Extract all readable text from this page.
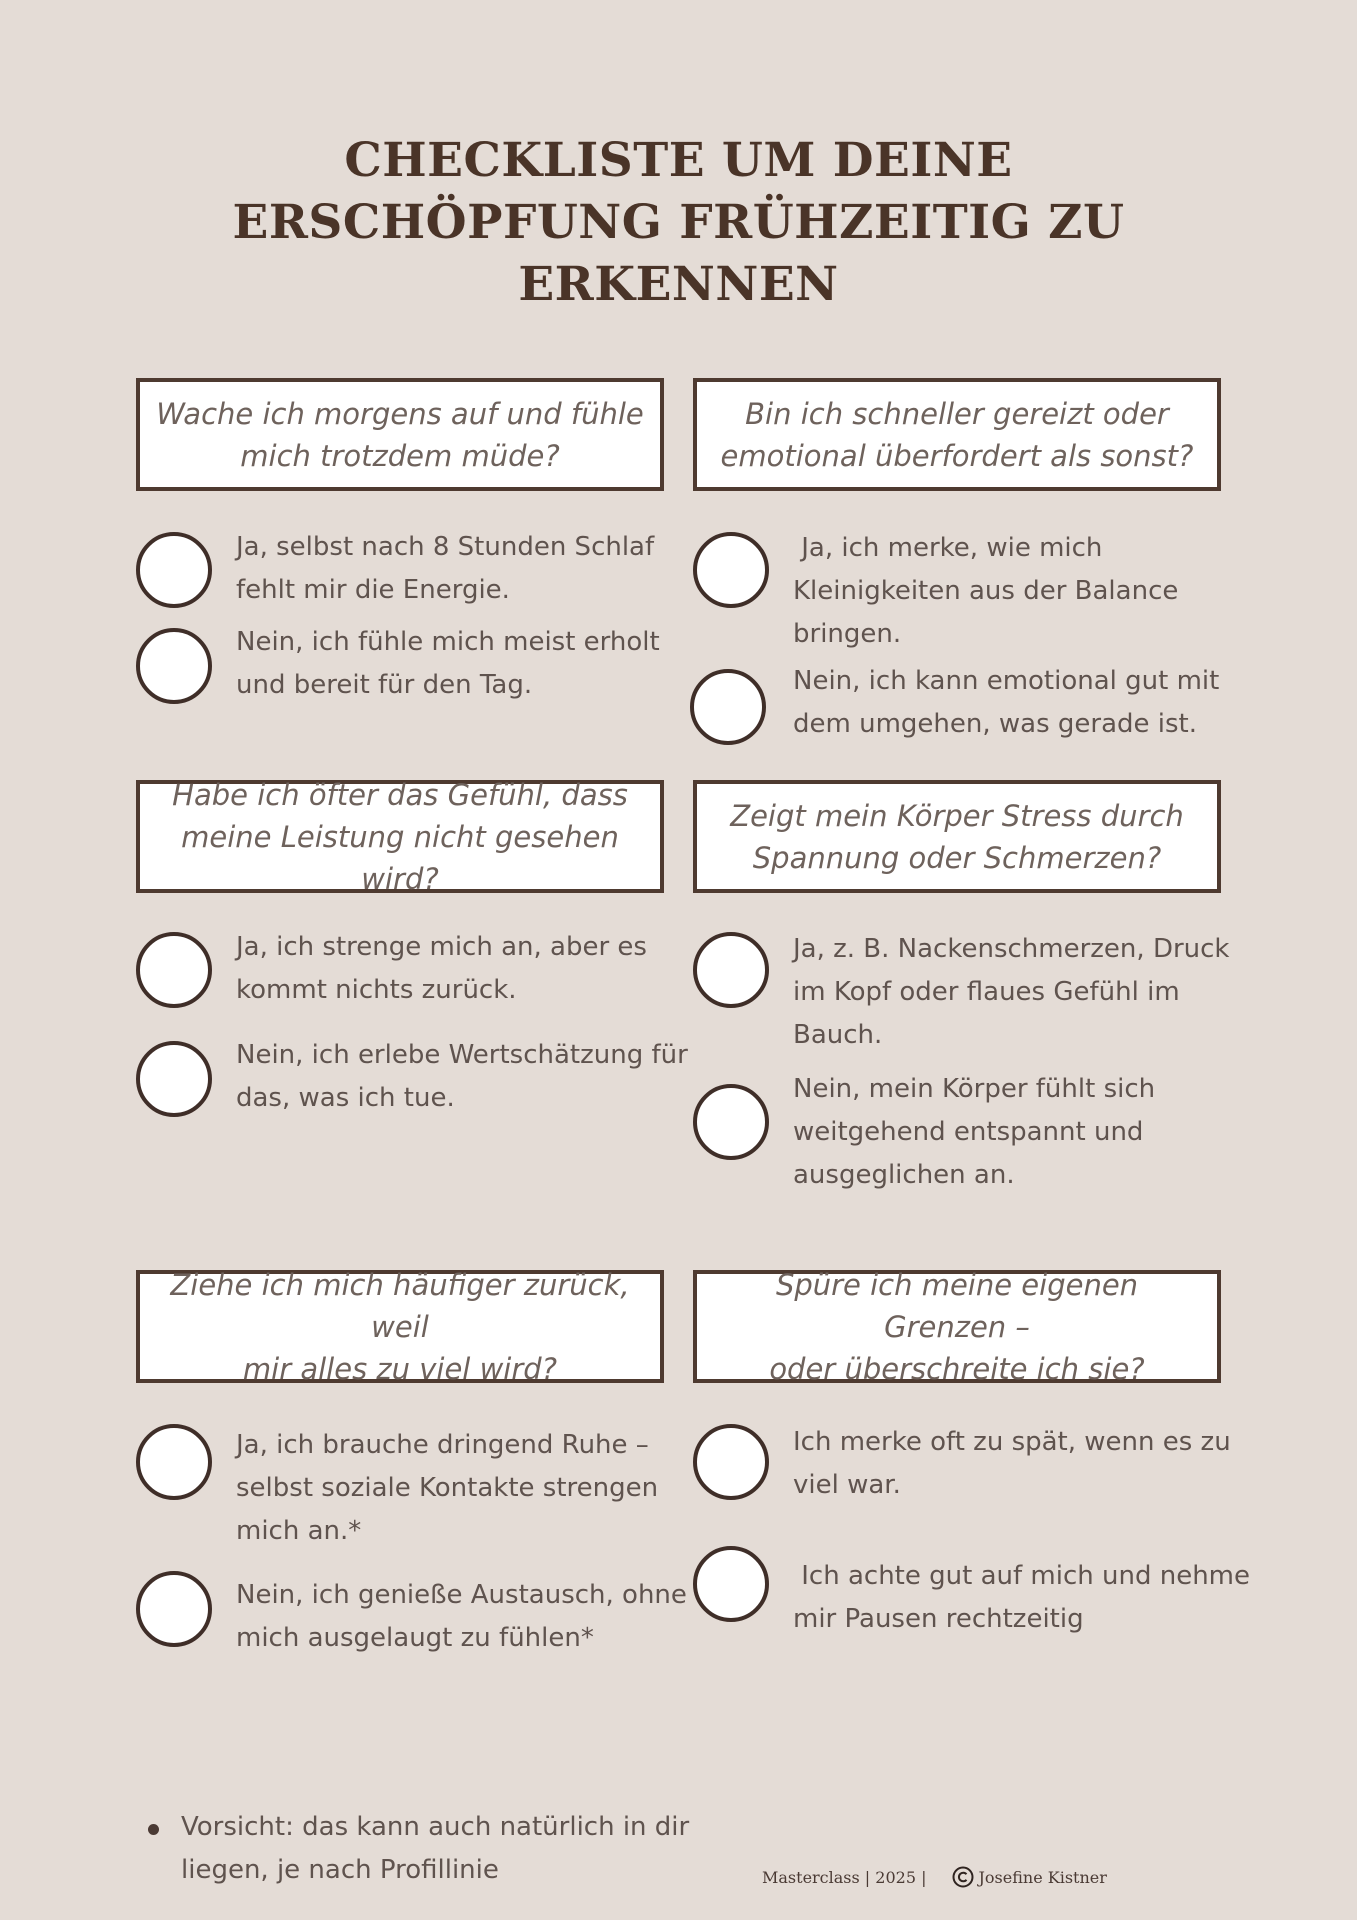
CHECKLISTE UM DEINE
ERSCHÖPFUNG FRÜHZEITIG ZU
ERKENNEN
Wache ich morgens auf und fühle
mich trotzdem müde?
Ja, selbst nach 8 Stunden Schlaf
fehlt mir die Energie.
Nein, ich fühle mich meist erholt
und bereit für den Tag.
Bin ich schneller gereizt oder
emotional überfordert als sonst?
Ja, ich merke, wie mich
Kleinigkeiten aus der Balance
bringen.
Nein, ich kann emotional gut mit
dem umgehen, was gerade ist.
Habe ich öfter das Gefühl, dass
meine Leistung nicht gesehen wird?
Ja, ich strenge mich an, aber es
kommt nichts zurück.
Nein, ich erlebe Wertschätzung für
das, was ich tue.
Zeigt mein Körper Stress durch
Spannung oder Schmerzen?
Ja, z. B. Nackenschmerzen, Druck
im Kopf oder flaues Gefühl im
Bauch.
Nein, mein Körper fühlt sich
weitgehend entspannt und
ausgeglichen an.
Ziehe ich mich häufiger zurück, weil
mir alles zu viel wird?
Ja, ich brauche dringend Ruhe –
selbst soziale Kontakte strengen
mich an.*
Nein, ich genieße Austausch, ohne
mich ausgelaugt zu fühlen*
Spüre ich meine eigenen Grenzen –
oder überschreite ich sie?
Ich merke oft zu spät, wenn es zu
viel war.
Ich achte gut auf mich und nehme
mir Pausen rechtzeitig
Vorsicht: das kann auch natürlich in dir
liegen, je nach Profillinie	Masterclass | 2025 |	Josefine Kistner
